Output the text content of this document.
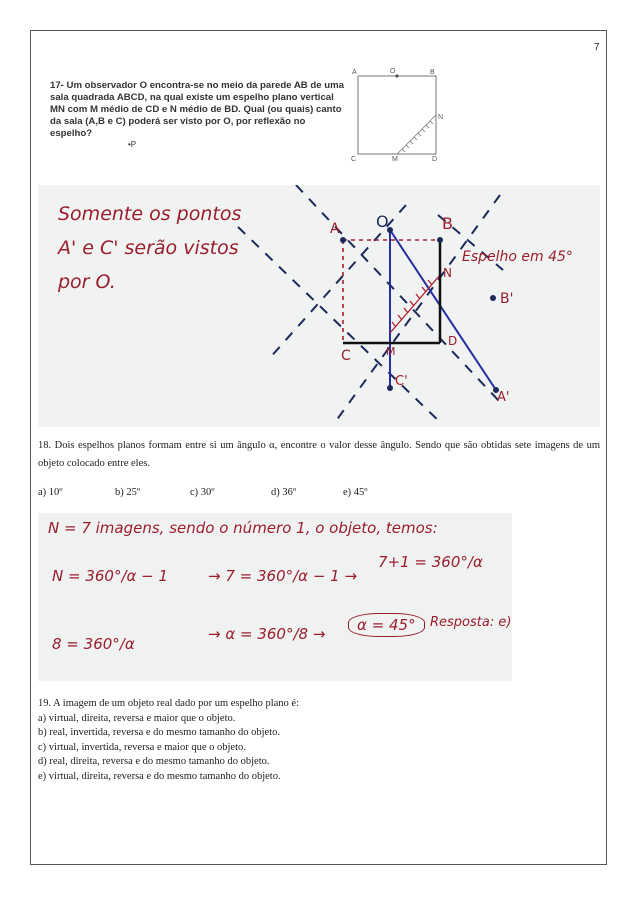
7
17- Um observador O encontra-se no meio da parede AB de uma sala quadrada ABCD, na qual existe um espelho plano vertical MN com M médio de CD e N médio de BD. Qual (ou quais) canto da sala (A,B e C) poderá ser visto por O, por reflexão no espelho?
•P
A	O	B
N
C	M	D
A O	B
N
C	M
D
B'
C'
A'
Somente os pontos
A' e C' serão vistos
por O.
Espelho em 45°
18. Dois espelhos planos formam entre si um ângulo α, encontre o valor desse ângulo. Sendo que são obtidas sete imagens de um objeto colocado entre eles.
a) 10º	b) 25º	c) 30º	d) 36º	e) 45º
N = 7 imagens, sendo o número 1, o objeto, temos:
N = 360°/α − 1	→ 7 = 360°/α − 1 →
7+1 = 360°/α
8 = 360°/α
→ α = 360°/8 →	α = 45°	Resposta: e)
19. A imagem de um objeto real dado por um espelho plano é:
a) virtual, direita, reversa e maior que o objeto.
b) real, invertida, reversa e do mesmo tamanho do objeto.
c) virtual, invertida, reversa e maior que o objeto.
d) real, direita, reversa e do mesmo tamanho do objeto.
e) virtual, direita, reversa e do mesmo tamanho do objeto.
